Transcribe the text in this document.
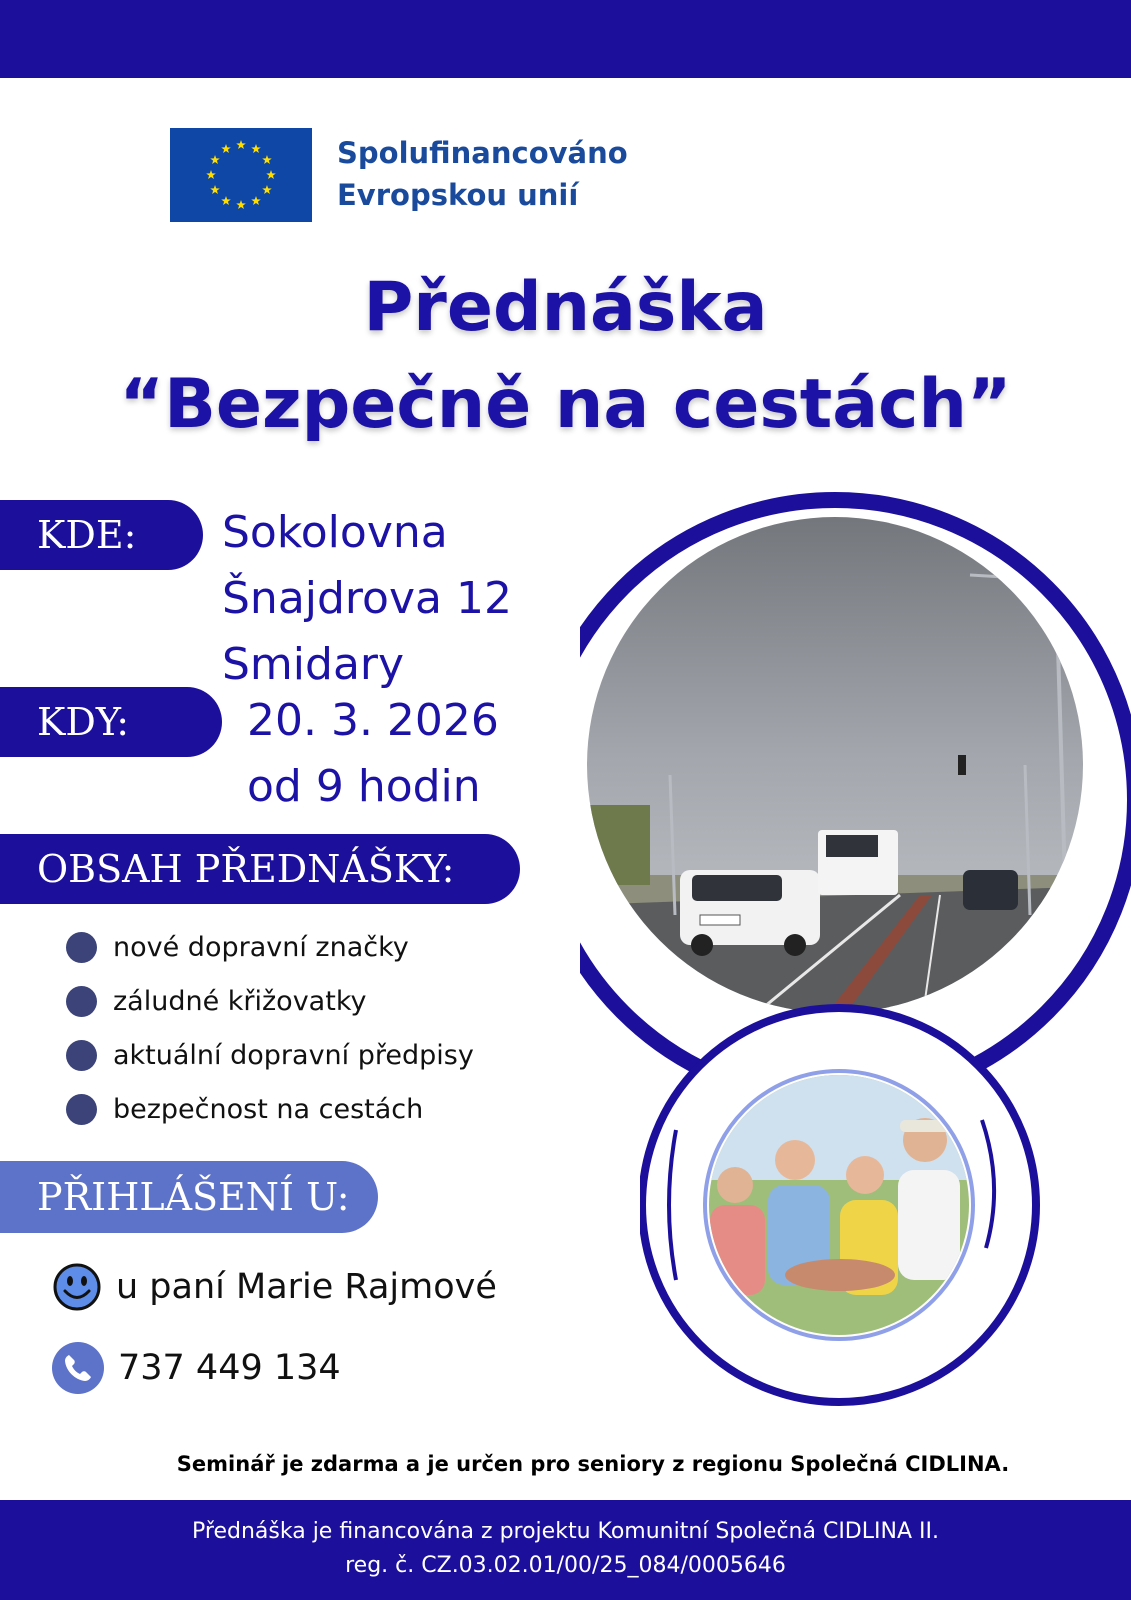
Spolufinancováno
Evropskou unií
Přednáška
“Bezpečně na cestách”
KDE:	Sokolovna
Šnajdrova 12
Smidary
KDY:	20. 3. 2026
od 9 hodin
OBSAH PŘEDNÁŠKY:
nové dopravní značky
záludné křižovatky
aktuální dopravní předpisy
bezpečnost na cestách
PŘIHLÁŠENÍ U:
u paní Marie Rajmové
737 449 134
Seminář je zdarma a je určen pro seniory z regionu Společná CIDLINA.
Přednáška je financována z projektu Komunitní Společná CIDLINA II.
reg. č. CZ.03.02.01/00/25_084/0005646
